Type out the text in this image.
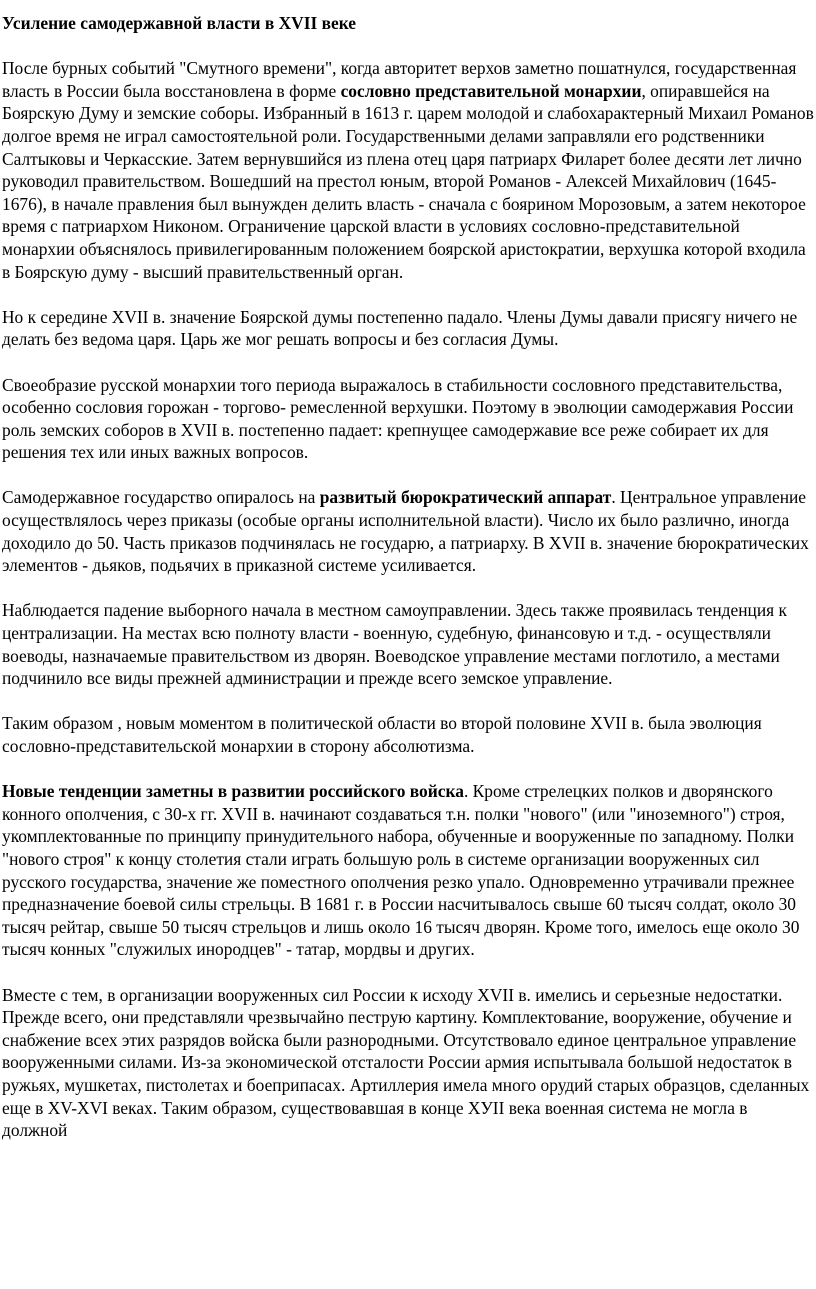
Усиление самодержавной власти в XVII веке

После бурных событий "Смутного времени", когда авторитет верхов заметно пошатнулся, государственная власть в России была восстановлена в форме сословно представительной монархии, опиравшейся на Боярскую Думу и земские соборы. Избранный в 1613 г. царем молодой и слабохарактерный Михаил Романов долгое время не играл самостоятельной роли. Государственными делами заправляли его родственники Салтыковы и Черкасские. Затем вернувшийся из плена отец царя патриарх Филарет более десяти лет лично руководил правительством. Вошедший на престол юным, второй Романов - Алексей Михайлович (1645-1676), в начале правления был вынужден делить власть - сначала с боярином Морозовым, а затем некоторое время с патриархом Никоном. Ограничение царской власти в условиях сословно-представительной монархии объяснялось привилегированным положением боярской аристократии, верхушка которой входила в Боярскую думу - высший правительственный орган.

Но к середине XVII в. значение Боярской думы постепенно падало. Члены Думы давали присягу ничего не делать без ведома царя. Царь же мог решать вопросы и без согласия Думы.

Своеобразие русской монархии того периода выражалось в стабильности сословного представительства, особенно сословия горожан - торгово- ремесленной верхушки. Поэтому в эволюции самодержавия России роль земских соборов в XVII в. постепенно падает: крепнущее самодержавие все реже собирает их для решения тех или иных важных вопросов.

Самодержавное государство опиралось на развитый бюрократический аппарат. Центральное управление осуществлялось через приказы (особые органы исполнительной власти). Число их было различно, иногда доходило до 50. Часть приказов подчинялась не государю, а патриарху. В XVII в. значение бюрократических элементов - дьяков, подьячих в приказной системе усиливается.

Наблюдается падение выборного начала в местном самоуправлении. Здесь также проявилась тенденция к централизации. На местах всю полноту власти - военную, судебную, финансовую и т.д. - осуществляли воеводы, назначаемые правительством из дворян. Воеводское управление местами поглотило, а местами подчинило все виды прежней администрации и прежде всего земское управление.

Таким образом , новым моментом в политической области во второй половине XVII в. была эволюция сословно-представительской монархии в сторону абсолютизма.

Новые тенденции заметны в развитии российского войска. Кроме стрелецких полков и дворянского конного ополчения, с 30-х гг. XVII в. начинают создаваться т.н. полки "нового" (или "иноземного") строя, укомплектованные по принципу принудительного набора, обученные и вооруженные по западному. Полки "нового строя" к концу столетия стали играть большую роль в системе организации вооруженных сил русского государства, значение же поместного ополчения резко упало. Одновременно утрачивали прежнее предназначение боевой силы стрельцы. В 1681 г. в России насчитывалось свыше 60 тысяч солдат, около 30 тысяч рейтар, свыше 50 тысяч стрельцов и лишь около 16 тысяч дворян. Кроме того, имелось еще около 30 тысяч конных "служилых инородцев" - татар, мордвы и других.

Вместе с тем, в организации вооруженных сил России к исходу XVII в. имелись и серьезные недостатки. Прежде всего, они представляли чрезвычайно пеструю картину. Комплектование, вооружение, обучение и снабжение всех этих разрядов войска были разнородными. Отсутствовало единое центральное управление вооруженными силами. Из-за экономической отсталости России армия испытывала большой недостаток в ружьях, мушкетах, пистолетах и боеприпасах. Артиллерия имела много орудий старых образцов, сделанных еще в XV-XVI веках. Таким образом, существовавшая в конце XУII века военная система не могла в должной
